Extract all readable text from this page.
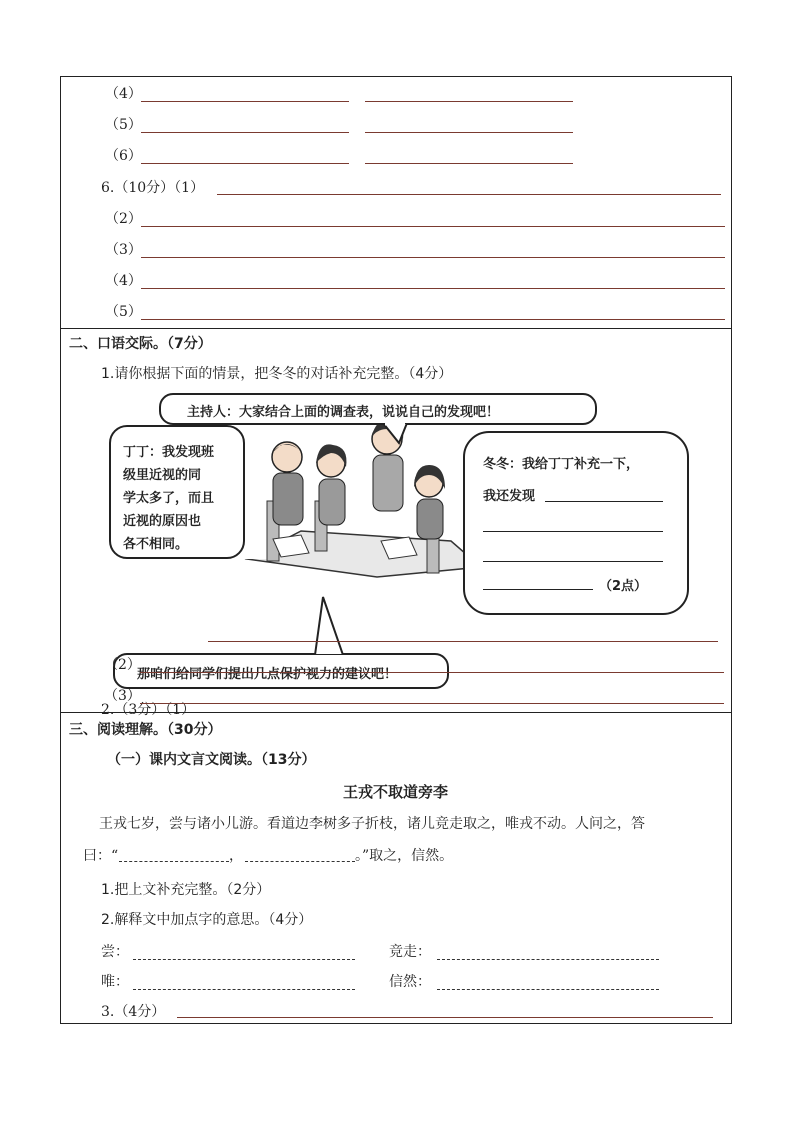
（4）
（5）
（6）
6.（10分）（1）
（2）
（3）
（4）
（5）
二、口语交际。（7分）
1.请你根据下面的情景，把冬冬的对话补充完整。（4分）
主持人：大家结合上面的调查表，说说自己的发现吧！
丁丁：我发现班
级里近视的同
学太多了，而且
近视的原因也
各不相同。
冬冬：我给丁丁补充一下，
我还发现
（2点）
那咱们给同学们提出几点保护视力的建议吧！
2.（3分）（1）
三、阅读理解。（30分）
（一）课内文言文阅读。（13分）
王戎不取道旁李
王戎七岁，尝与诸小儿游。看道边李树多子折枝，诸儿竞走取之，唯戎不动。人问之，答
曰：“	，	。”取之，信然。
1.把上文补充完整。（2分）
2.解释文中加点字的意思。（4分）
尝：	竞走：
唯：	信然：
3.（4分）
（2）
（3）
